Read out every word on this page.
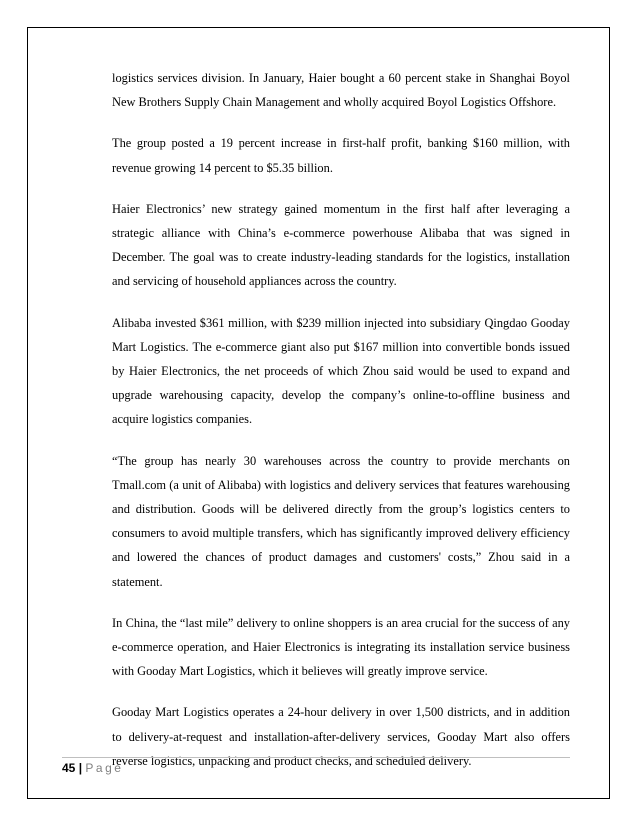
logistics services division. In January, Haier bought a 60 percent stake in Shanghai Boyol New Brothers Supply Chain Management and wholly acquired Boyol Logistics Offshore.

The group posted a 19 percent increase in first-half profit, banking $160 million, with revenue growing 14 percent to $5.35 billion.

Haier Electronics’ new strategy gained momentum in the first half after leveraging a strategic alliance with China’s e-commerce powerhouse Alibaba that was signed in December. The goal was to create industry-leading standards for the logistics, installation and servicing of household appliances across the country.

Alibaba invested $361 million, with $239 million injected into subsidiary Qingdao Gooday Mart Logistics. The e-commerce giant also put $167 million into convertible bonds issued by Haier Electronics, the net proceeds of which Zhou said would be used to expand and upgrade warehousing capacity, develop the company’s online-to-offline business and acquire logistics companies.

“The group has nearly 30 warehouses across the country to provide merchants on Tmall.com (a unit of Alibaba) with logistics and delivery services that features warehousing and distribution. Goods will be delivered directly from the group’s logistics centers to consumers to avoid multiple transfers, which has significantly improved delivery efficiency and lowered the chances of product damages and customers' costs,” Zhou said in a statement.

In China, the “last mile” delivery to online shoppers is an area crucial for the success of any e-commerce operation, and Haier Electronics is integrating its installation service business with Gooday Mart Logistics, which it believes will greatly improve service.

Gooday Mart Logistics operates a 24-hour delivery in over 1,500 districts, and in addition to delivery-at-request and installation-after-delivery services, Gooday Mart also offers reverse logistics, unpacking and product checks, and scheduled delivery.

45 | Page
